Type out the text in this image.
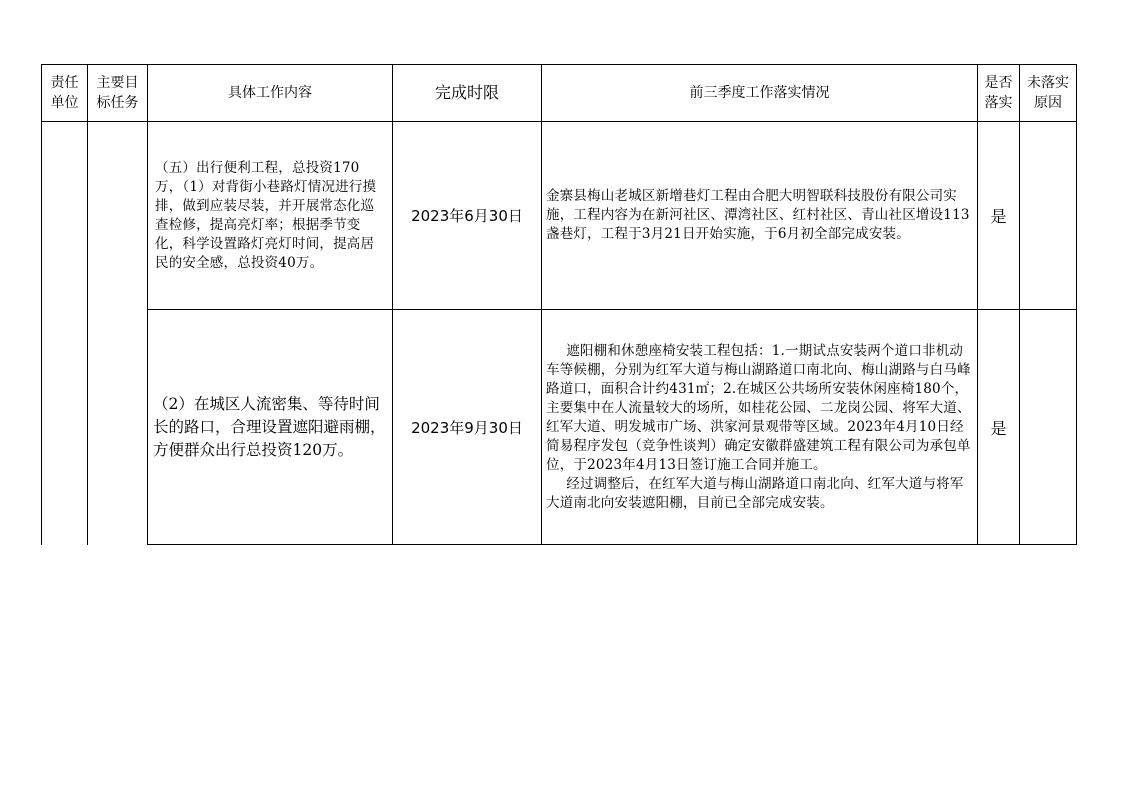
责任
单位
主要目
标任务
具体工作内容	完成时限	前三季度工作落实情况
是否
落实
未落实
原因
（五）出行便利工程，总投资170万，（1）对背街小巷路灯情况进行摸排，做到应装尽装，并开展常态化巡查检修，提高亮灯率；根据季节变化，科学设置路灯亮灯时间，提高居民的安全感，总投资40万。
2023年6月30日
金寨县梅山老城区新增巷灯工程由合肥大明智联科技股份有限公司实施，工程内容为在新河社区、潭湾社区、红村社区、青山社区增设113盏巷灯，工程于3月21日开始实施，于6月初全部完成安装。
是
（2）在城区人流密集、等待时间长的路口，合理设置遮阳避雨棚，方便群众出行总投资120万。
2023年9月30日

遮阳棚和休憩座椅安装工程包括：1.一期试点安装两个道口非机动车等候棚，分别为红军大道与梅山湖路道口南北向、梅山湖路与白马峰路道口，面积合计约431㎡；2.在城区公共场所安装休闲座椅180个，主要集中在人流量较大的场所，如桂花公园、二龙岗公园、将军大道、红军大道、明发城市广场、洪家河景观带等区域。2023年4月10日经简易程序发包（竞争性谈判）确定安徽群盛建筑工程有限公司为承包单位，于2023年4月13日签订施工合同并施工。

经过调整后，在红军大道与梅山湖路道口南北向、红军大道与将军大道南北向安装遮阳棚，目前已全部完成安装。

是
